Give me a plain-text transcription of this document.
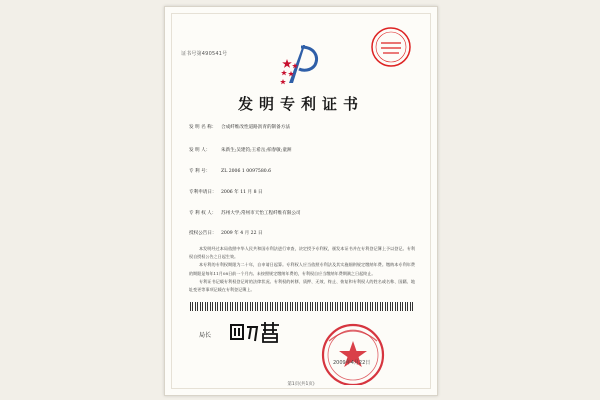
证书号第490541号
发明专利证书
发 明 名 称： 合成纤维改性道路沥青的制备方法
发 明 人： 朱新生;吴建钧;王希岳;柏春敏;童洲
专 利 号： ZL 2006 1 0097580.6
专利申请日： 2006 年 11 月 8 日
专 利 权 人： 苏州大学;常州市天怡工程纤维有限公司
授权公告日： 2009 年 4 月 22 日
本发明经过本局依照中华人民共和国专利法进行审查，决定授予专利权，颁发本证书并在专利登记簿上予以登记。专利权自授权公告之日起生效。
本专利的专利权期限为二十年，自申请日起算。专利权人应当依照专利法及其实施细则规定缴纳年费。缴纳本专利年费的期限是每年11月08日前一个月内。未按照规定缴纳年费的，专利权自应当缴纳年费期满之日起终止。
专利证书记载专利权登记时的法律状况。专利权的转移、质押、无效、终止、恢复和专利权人的姓名或名称、国籍、地址变更等事项记载在专利登记簿上。
局长
2009年4月22日
第1页(共1页)
